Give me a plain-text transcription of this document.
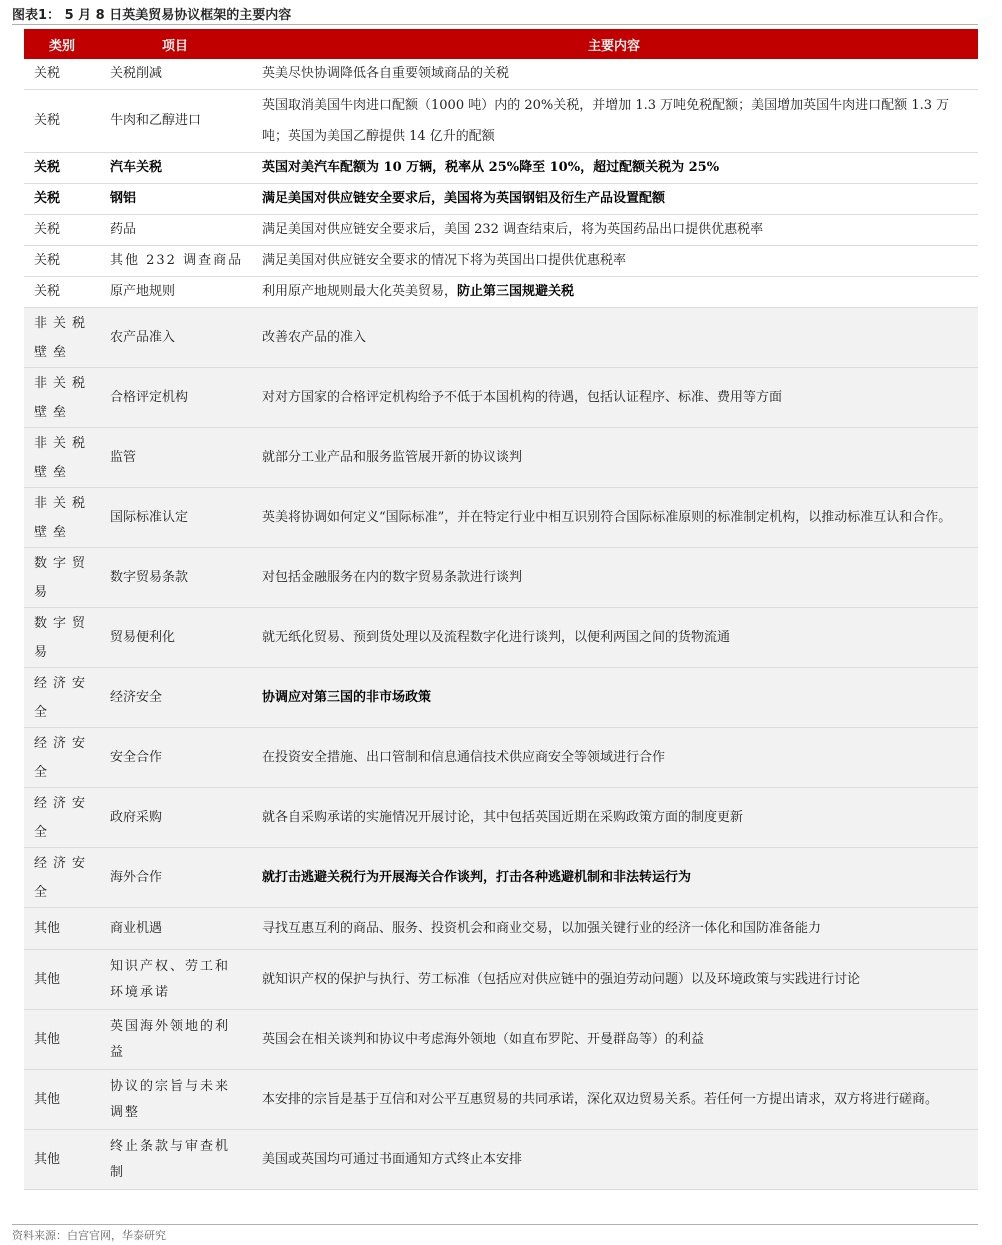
图表1： 5 月 8 日英美贸易协议框架的主要内容
类别	项目	主要内容
关税	关税削减	英美尽快协调降低各自重要领域商品的关税
关税	牛肉和乙醇进口	英国取消美国牛肉进口配额（1000 吨）内的 20%关税，并增加 1.3 万吨免税配额；美国增加英国牛肉进口配额 1.3 万吨；英国为美国乙醇提供 14 亿升的配额
关税	汽车关税	英国对美汽车配额为 10 万辆，税率从 25%降至 10%，超过配额关税为 25%
关税	钢铝	满足美国对供应链安全要求后，美国将为英国钢铝及衍生产品设置配额
关税	药品	满足美国对供应链安全要求后，美国 232 调查结束后，将为英国药品出口提供优惠税率
关税	其他 232 调查商品	满足美国对供应链安全要求的情况下将为英国出口提供优惠税率
关税	原产地规则	利用原产地规则最大化英美贸易，防止第三国规避关税
非关税壁垒	农产品准入	改善农产品的准入
非关税壁垒	合格评定机构	对对方国家的合格评定机构给予不低于本国机构的待遇，包括认证程序、标准、费用等方面
非关税壁垒	监管	就部分工业产品和服务监管展开新的协议谈判
非关税壁垒	国际标准认定	英美将协调如何定义“国际标准”，并在特定行业中相互识别符合国际标准原则的标准制定机构，以推动标准互认和合作。
数字贸易	数字贸易条款	对包括金融服务在内的数字贸易条款进行谈判
数字贸易	贸易便利化	就无纸化贸易、预到货处理以及流程数字化进行谈判，以便利两国之间的货物流通
经济安全	经济安全	协调应对第三国的非市场政策
经济安全	安全合作	在投资安全措施、出口管制和信息通信技术供应商安全等领域进行合作
经济安全	政府采购	就各自采购承诺的实施情况开展讨论，其中包括英国近期在采购政策方面的制度更新
经济安全	海外合作	就打击逃避关税行为开展海关合作谈判，打击各种逃避机制和非法转运行为
其他	商业机遇	寻找互惠互利的商品、服务、投资机会和商业交易，以加强关键行业的经济一体化和国防准备能力
其他	知识产权、劳工和环境承诺	就知识产权的保护与执行、劳工标准（包括应对供应链中的强迫劳动问题）以及环境政策与实践进行讨论
其他	英国海外领地的利益	英国会在相关谈判和协议中考虑海外领地（如直布罗陀、开曼群岛等）的利益
其他	协议的宗旨与未来调整	本安排的宗旨是基于互信和对公平互惠贸易的共同承诺，深化双边贸易关系。若任何一方提出请求，双方将进行磋商。
其他	终止条款与审查机制	美国或英国均可通过书面通知方式终止本安排
资料来源：白宫官网，华泰研究
